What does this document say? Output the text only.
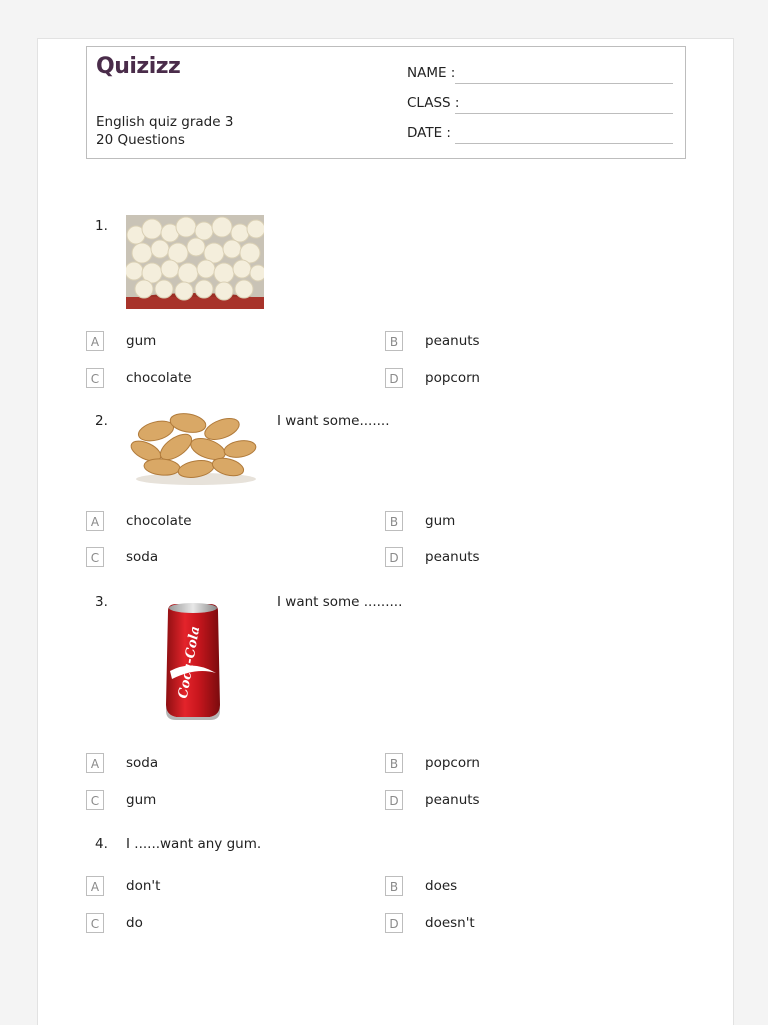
Quizizz
English quiz grade 3
20 Questions
NAME :
CLASS :
DATE :
1.
A	gum	B	peanuts
C	chocolate	D	popcorn
2.	I want some.......
A	chocolate	B	gum
C	soda	D	peanuts
3.
Coca-Cola
I want some .........
A	soda	B	popcorn
C	gum	D	peanuts
4. I ......want any gum.
A	don't	B	does
C	do	D	doesn't
